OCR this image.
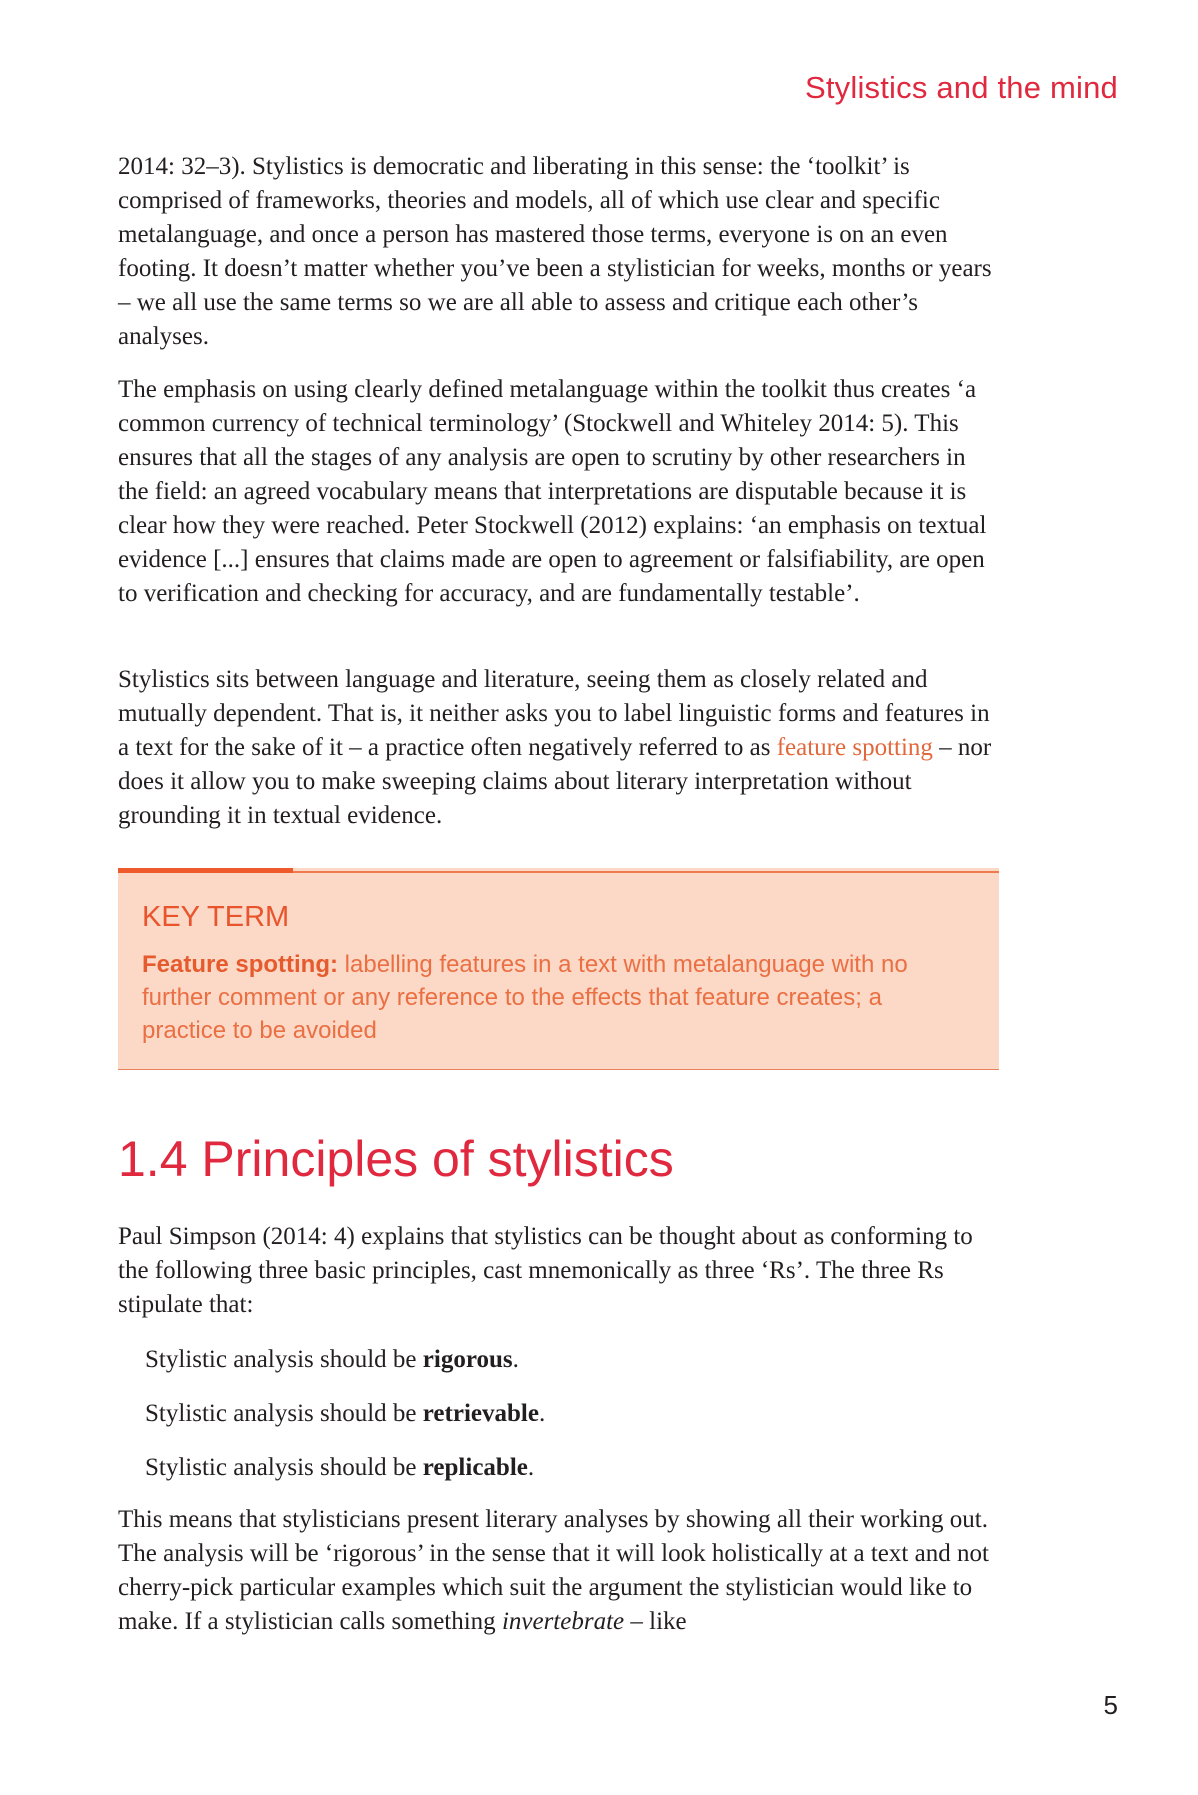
Stylistics and the mind

2014: 32–3). Stylistics is democratic and liberating in this sense: the ‘toolkit’ is comprised of frameworks, theories and models, all of which use clear and specific metalanguage, and once a person has mastered those terms, everyone is on an even footing. It doesn’t matter whether you’ve been a stylistician for weeks, months or years – we all use the same terms so we are all able to assess and critique each other’s analyses.

The emphasis on using clearly defined metalanguage within the toolkit thus creates ‘a common currency of technical terminology’ (Stockwell and Whiteley 2014: 5). This ensures that all the stages of any analysis are open to scrutiny by other researchers in the field: an agreed vocabulary means that interpretations are disputable because it is clear how they were reached. Peter Stockwell (2012) explains: ‘an emphasis on textual evidence [...] ensures that claims made are open to agreement or falsifiability, are open to verification and checking for accuracy, and are fundamentally testable’.

Stylistics sits between language and literature, seeing them as closely related and mutually dependent. That is, it neither asks you to label linguistic forms and features in a text for the sake of it – a practice often negatively referred to as feature spotting – nor does it allow you to make sweeping claims about literary interpretation without grounding it in textual evidence.

KEY TERM
Feature spotting: labelling features in a text with metalanguage with no further comment or any reference to the effects that feature creates; a practice to be avoided
1.4 Principles of stylistics

Paul Simpson (2014: 4) explains that stylistics can be thought about as conforming to the following three basic principles, cast mnemonically as three ‘Rs’. The three Rs stipulate that:

Stylistic analysis should be rigorous.
Stylistic analysis should be retrievable.
Stylistic analysis should be replicable.

This means that stylisticians present literary analyses by showing all their working out. The analysis will be ‘rigorous’ in the sense that it will look holistically at a text and not cherry-pick particular examples which suit the argument the stylistician would like to make. If a stylistician calls something invertebrate – like

5
